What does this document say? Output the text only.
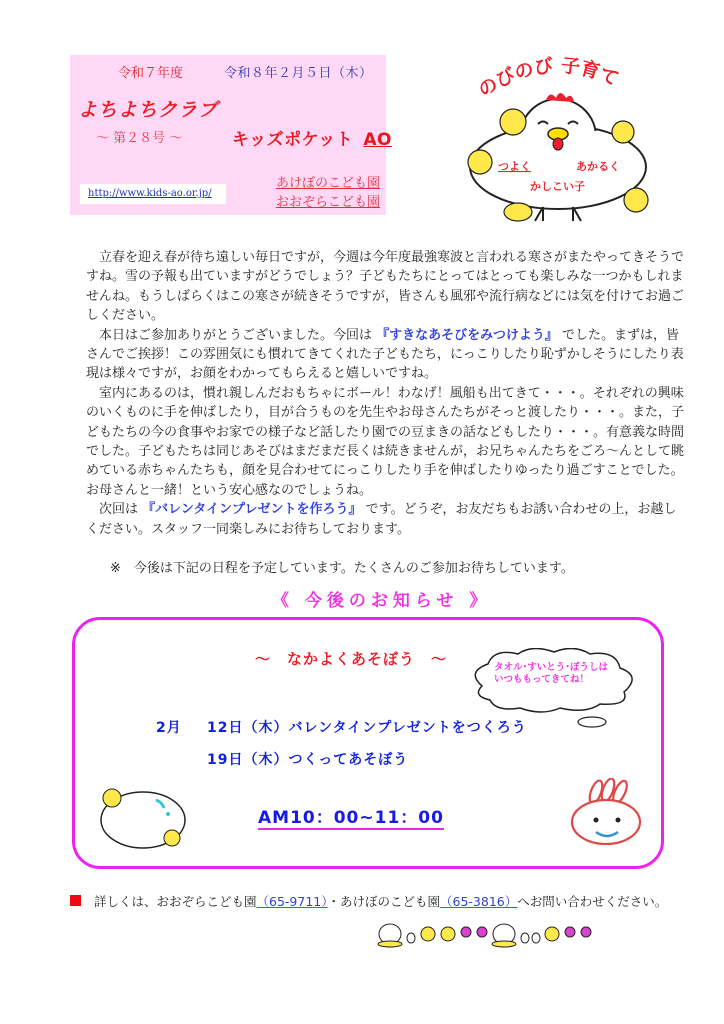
令和７年度	令和８年２月５日（木）
よちよちクラブ
～ 第２８号 ～	キッズポケット AO
http://www.kids-ao.or.jp/
あけぼのこども園
おおぞらこども園
のびのび 子育て
つよく	あかるく
かしこい子

立春を迎え春が待ち遠しい毎日ですが，今週は今年度最強寒波と言われる寒さがまたやってきそうですね。雪の予報も出ていますがどうでしょう？子どもたちにとってはとっても楽しみな一つかもしれませんね。もうしばらくはこの寒さが続きそうですが，皆さんも風邪や流行病などには気を付けてお過ごしください。

本日はご参加ありがとうございました。今回は 『すきなあそびをみつけよう』 でした。まずは，皆さんでご挨拶！この雰囲気にも慣れてきてくれた子どもたち，にっこりしたり恥ずかしそうにしたり表現は様々ですが，お顔をわかってもらえると嬉しいですね。

室内にあるのは，慣れ親しんだおもちゃにボール！わなげ！風船も出てきて・・・。それぞれの興味のいくものに手を伸ばしたり，目が合うものを先生やお母さんたちがそっと渡したり・・・。また，子どもたちの今の食事やお家での様子など話したり園での豆まきの話などもしたり・・・。有意義な時間でした。子どもたちは同じあそびはまだまだ長くは続きませんが，お兄ちゃんたちをごろ～んとして眺めている赤ちゃんたちも，顔を見合わせてにっこりしたり手を伸ばしたりゆったり過ごすことでした。お母さんと一緒！という安心感なのでしょうね。

次回は 『バレンタインプレゼントを作ろう』 です。どうぞ，お友だちもお誘い合わせの上，お越しください。スタッフ一同楽しみにお待ちしております。

※　今後は下記の日程を予定しています。たくさんのご参加お待ちしています。
《 今後のお知らせ 》
～　なかよくあそぼう　～	タオル･すいとう･ぼうしは
いつももってきてね！
2月 12日（木）バレンタインプレゼントをつくろう
19日（木）つくってあそぼう
AM10：00~11：00
詳しくは、おおぞらこども園（65-9711）・あけぼのこども園（65-3816）へお問い合わせください。
